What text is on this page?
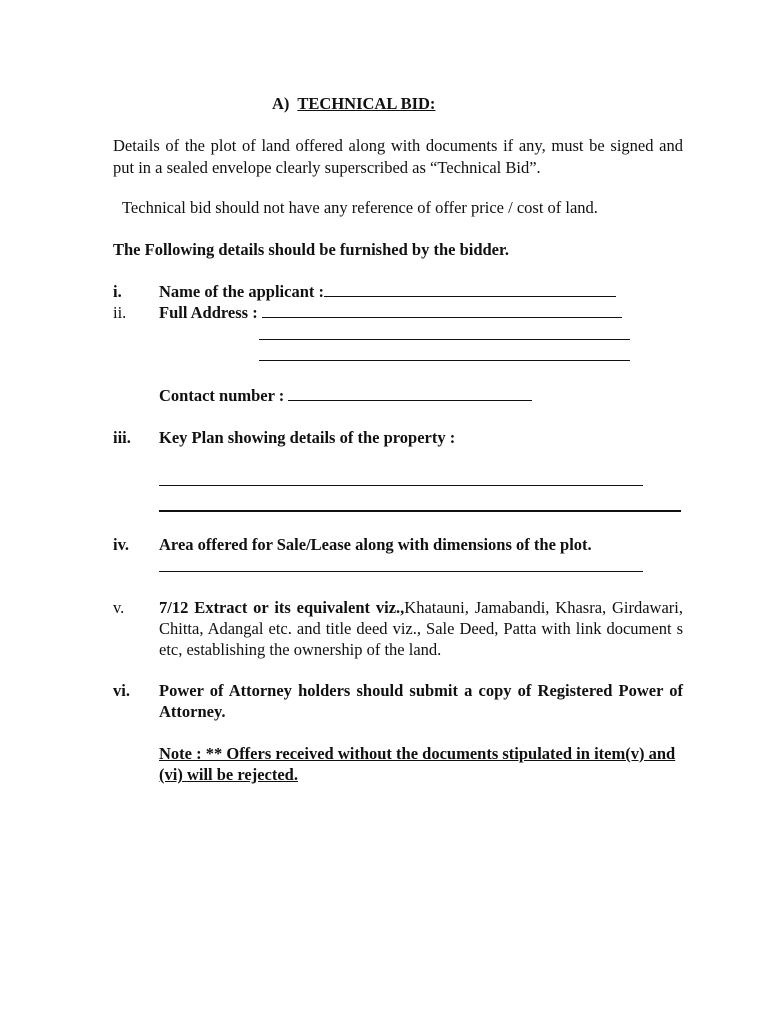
A) TECHNICAL BID:
Details of the plot of land offered along with documents if any, must be signed and put in a sealed envelope clearly superscribed as “Technical Bid”.
Technical bid should not have any reference of offer price / cost of land.
The Following details should be furnished by the bidder.
i. Name of the applicant :
ii. Full Address :
Contact number :
iii. Key Plan showing details of the property :
iv. Area offered for Sale/Lease along with dimensions of the plot.
v. 7/12 Extract or its equivalent viz.,Khatauni, Jamabandi, Khasra, Girdawari, Chitta, Adangal etc. and title deed viz., Sale Deed, Patta with link document s etc, establishing the ownership of the land.
vi. Power of Attorney holders should submit a copy of Registered Power of Attorney.
Note : ** Offers received without the documents stipulated in item(v) and (vi) will be rejected.
